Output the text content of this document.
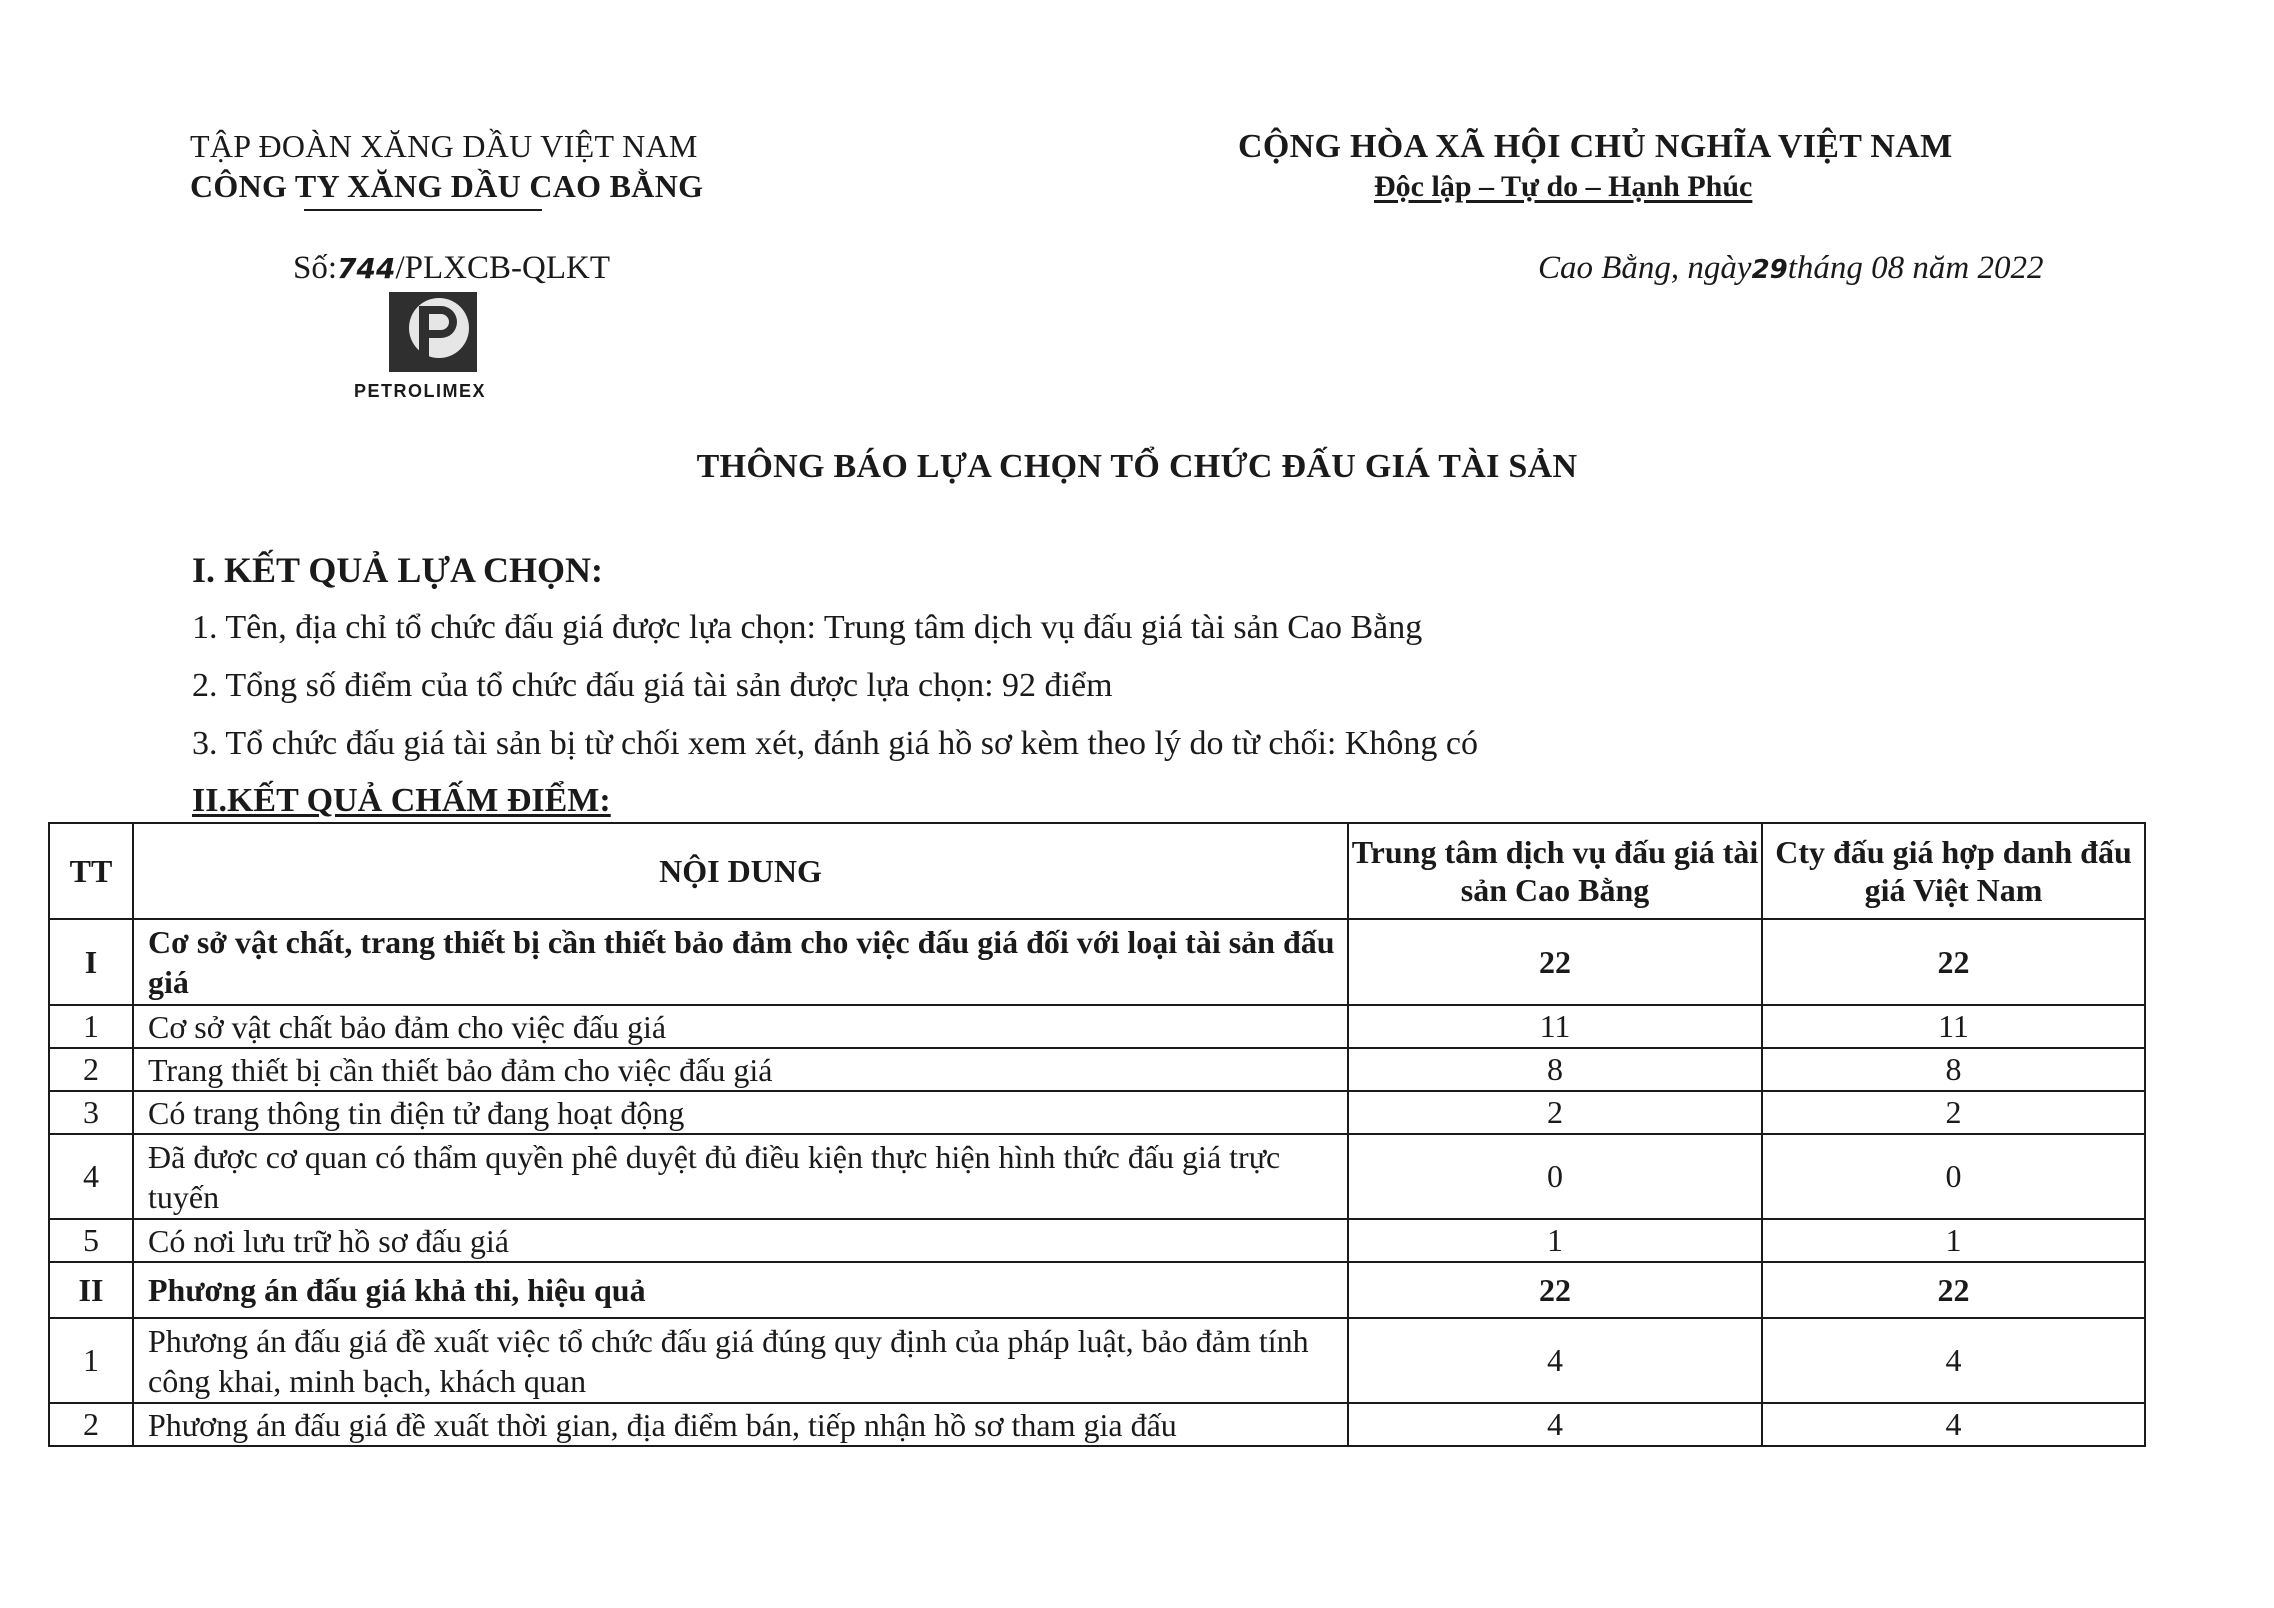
TẬP ĐOÀN XĂNG DẦU VIỆT NAM
CÔNG TY XĂNG DẦU CAO BẰNG
CỘNG HÒA XÃ HỘI CHỦ NGHĨA VIỆT NAM
Độc lập – Tự do – Hạnh Phúc
Số:744/PLXCB-QLKT	Cao Bằng, ngày29tháng 08 năm 2022
PETROLIMEX
THÔNG BÁO LỰA CHỌN TỔ CHỨC ĐẤU GIÁ TÀI SẢN
I. KẾT QUẢ LỰA CHỌN:
1. Tên, địa chỉ tổ chức đấu giá được lựa chọn: Trung tâm dịch vụ đấu giá tài sản Cao Bằng
2. Tổng số điểm của tổ chức đấu giá tài sản được lựa chọn: 92 điểm
3. Tổ chức đấu giá tài sản bị từ chối xem xét, đánh giá hồ sơ kèm theo lý do từ chối: Không có
II.KẾT QUẢ CHẤM ĐIỂM:
TT	NỘI DUNG	Trung tâm dịch vụ đấu giá tài sản Cao Bằng	Cty đấu giá hợp danh đấu giá Việt Nam
I	Cơ sở vật chất, trang thiết bị cần thiết bảo đảm cho việc đấu giá đối với loại tài sản đấu giá	22	22
1	Cơ sở vật chất bảo đảm cho việc đấu giá	11	11
2	Trang thiết bị cần thiết bảo đảm cho việc đấu giá	8	8
3	Có trang thông tin điện tử đang hoạt động	2	2
4	Đã được cơ quan có thẩm quyền phê duyệt đủ điều kiện thực hiện hình thức đấu giá trực tuyến	0	0
5	Có nơi lưu trữ hồ sơ đấu giá	1	1
II	Phương án đấu giá khả thi, hiệu quả	22	22
1	Phương án đấu giá đề xuất việc tổ chức đấu giá đúng quy định của pháp luật, bảo đảm tính công khai, minh bạch, khách quan	4	4
2	Phương án đấu giá đề xuất thời gian, địa điểm bán, tiếp nhận hồ sơ tham gia đấu	4	4
